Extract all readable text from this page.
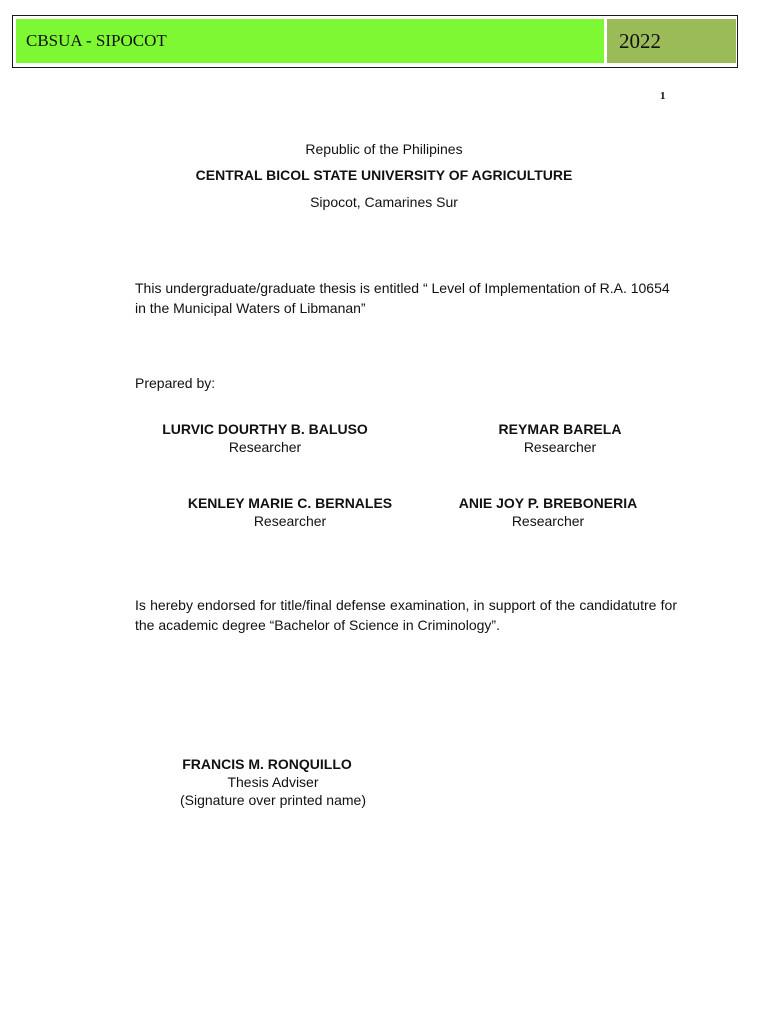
CBSUA - SIPOCOT	2022
1
Republic of the Philipines
CENTRAL BICOL STATE UNIVERSITY OF AGRICULTURE
Sipocot, Camarines Sur
This undergraduate/graduate thesis is entitled “ Level of Implementation of R.A. 10654 in the Municipal Waters of Libmanan”
Prepared by:
LURVIC DOURTHY B. BALUSO
Researcher
REYMAR BARELA
Researcher
KENLEY MARIE C. BERNALES
Researcher
ANIE JOY P. BREBONERIA
Researcher
Is hereby endorsed for title/final defense examination, in support of the candidatutre for the academic degree “Bachelor of Science in Criminology”.
FRANCIS M. RONQUILLO
Thesis Adviser
(Signature over printed name)
